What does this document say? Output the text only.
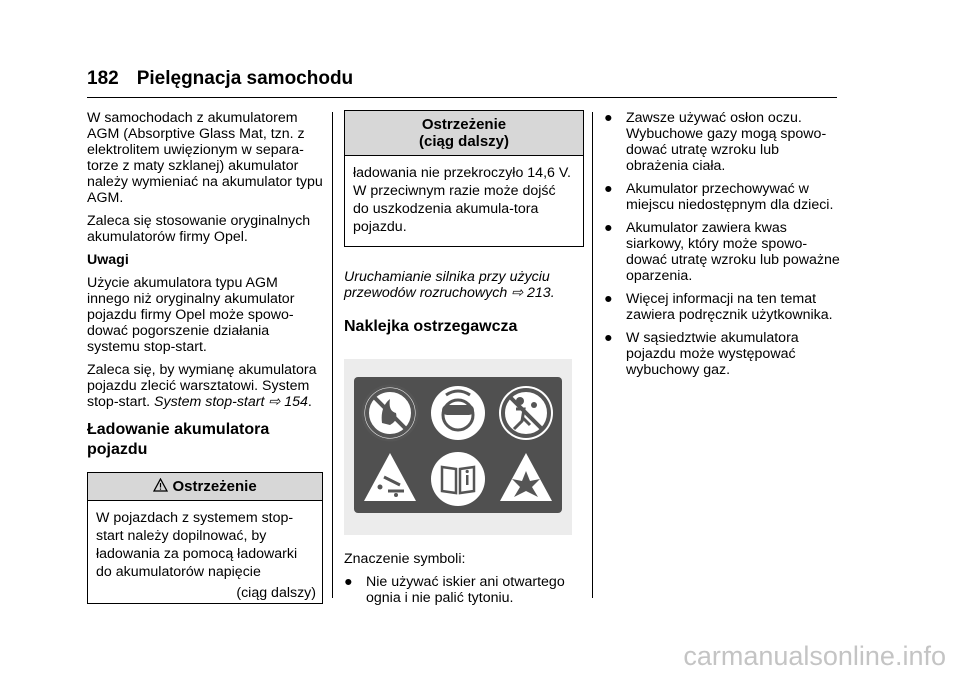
182 Pielęgnacja samochodu

W samochodach z akumulatorem AGM (Absorptive Glass Mat, tzn. z elektrolitem uwięzionym w separa-torze z maty szklanej) akumulator należy wymieniać na akumulator typu AGM.

Zaleca się stosowanie oryginalnych akumulatorów firmy Opel.

Uwagi

Użycie akumulatora typu AGM innego niż oryginalny akumulator pojazdu firmy Opel może spowo-dować pogorszenie działania systemu stop-start.

Zaleca się, by wymianę akumulatora pojazdu zlecić warsztatowi. System stop-start. System stop-start ⇨ 154.

Ładowanie akumulatora pojazdu
Ostrzeżenie
W pojazdach z systemem stop-start należy dopilnować, by ładowania za pomocą ładowarki do akumulatorów napięcie
(ciąg dalszy)
Ostrzeżenie
(ciąg dalszy)
ładowania nie przekroczyło 14,6 V. W przeciwnym razie może dojść do uszkodzenia akumula-tora pojazdu.

Uruchamianie silnika przy użyciu przewodów rozruchowych ⇨ 213.

Naklejka ostrzegawcza

Znaczenie symboli:

● Nie używać iskier ani otwartego ognia i nie palić tytoniu.
● Zawsze używać osłon oczu. Wybuchowe gazy mogą spowo-dować utratę wzroku lub obrażenia ciała.
● Akumulator przechowywać w miejscu niedostępnym dla dzieci.
● Akumulator zawiera kwas siarkowy, który może spowo-dować utratę wzroku lub poważne oparzenia.
● Więcej informacji na ten temat zawiera podręcznik użytkownika.
● W sąsiedztwie akumulatora pojazdu może występować wybuchowy gaz.
carmanualsonline.info
